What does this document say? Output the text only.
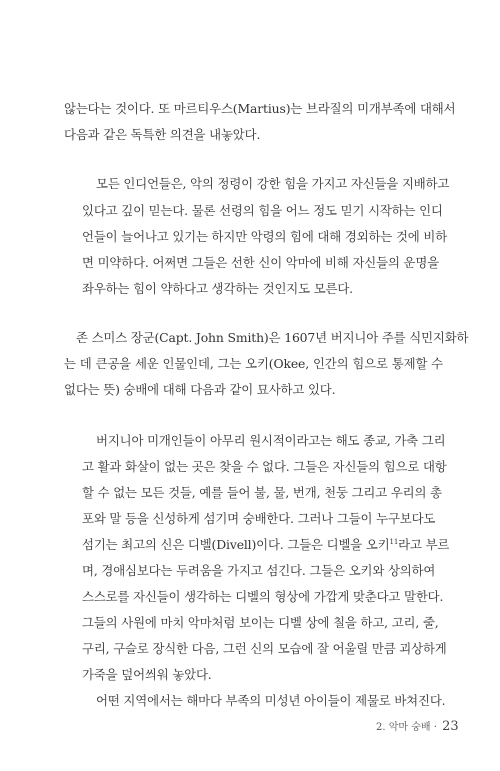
않는다는 것이다. 또 마르티우스(Martius)는 브라질의 미개부족에 대해서
다음과 같은 독특한 의견을 내놓았다.
모든 인디언들은, 악의 정령이 강한 힘을 가지고 자신들을 지배하고
있다고 깊이 믿는다. 물론 선령의 힘을 어느 정도 믿기 시작하는 인디
언들이 늘어나고 있기는 하지만 악령의 힘에 대해 경외하는 것에 비하
면 미약하다. 어쩌면 그들은 선한 신이 악마에 비해 자신들의 운명을
좌우하는 힘이 약하다고 생각하는 것인지도 모른다.
존 스미스 장군(Capt. John Smith)은 1607년 버지니아 주를 식민지화하
는 데 큰공을 세운 인물인데, 그는 오키(Okee, 인간의 힘으로 통제할 수
없다는 뜻) 숭배에 대해 다음과 같이 묘사하고 있다.
버지니아 미개인들이 아무리 원시적이라고는 해도 종교, 가축 그리
고 활과 화살이 없는 곳은 찾을 수 없다. 그들은 자신들의 힘으로 대항
할 수 없는 모든 것들, 예를 들어 불, 물, 번개, 천둥 그리고 우리의 총
포와 말 등을 신성하게 섬기며 숭배한다. 그러나 그들이 누구보다도
섬기는 최고의 신은 디벨(Divell)이다. 그들은 디벨을 오키$^{11}$라고 부르
며, 경애심보다는 두려움을 가지고 섬긴다. 그들은 오키와 상의하여
스스로를 자신들이 생각하는 디벨의 형상에 가깝게 맞춘다고 말한다.
그들의 사원에 마치 악마처럼 보이는 디벨 상에 칠을 하고, 고리, 줄,
구리, 구슬로 장식한 다음, 그런 신의 모습에 잘 어울릴 만큼 괴상하게
가죽을 덮어씌워 놓았다.
어떤 지역에서는 해마다 부족의 미성년 아이들이 제물로 바쳐진다.
2. 악마 숭배 · 23
